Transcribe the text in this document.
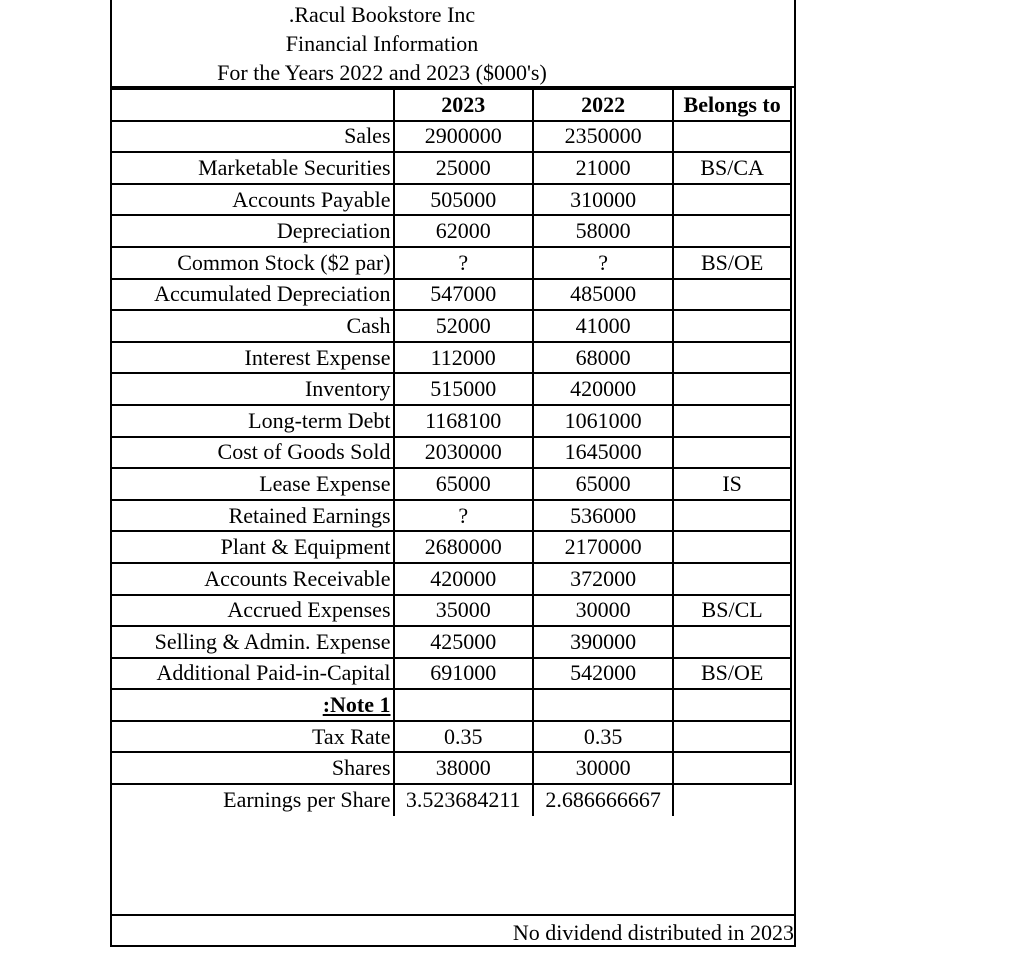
.Racul Bookstore Inc
Financial Information
For the Years 2022 and 2023 ($000's)
	2023	2022	Belongs to
Sales	2900000	2350000	
Marketable Securities	25000	21000	BS/CA
Accounts Payable	505000	310000	
Depreciation	62000	58000	
Common Stock ($2 par)	?	?	BS/OE
Accumulated Depreciation	547000	485000	
Cash	52000	41000	
Interest Expense	112000	68000	
Inventory	515000	420000	
Long-term Debt	1168100	1061000	
Cost of Goods Sold	2030000	1645000	
Lease Expense	65000	65000	IS
Retained Earnings	?	536000	
Plant & Equipment	2680000	2170000	
Accounts Receivable	420000	372000	
Accrued Expenses	35000	30000	BS/CL
Selling & Admin. Expense	425000	390000	
Additional Paid-in-Capital	691000	542000	BS/OE
:Note 1			
Tax Rate	0.35	0.35	
Shares	38000	30000	
Earnings per Share	3.523684211	2.686666667	
No dividend distributed in 2023
